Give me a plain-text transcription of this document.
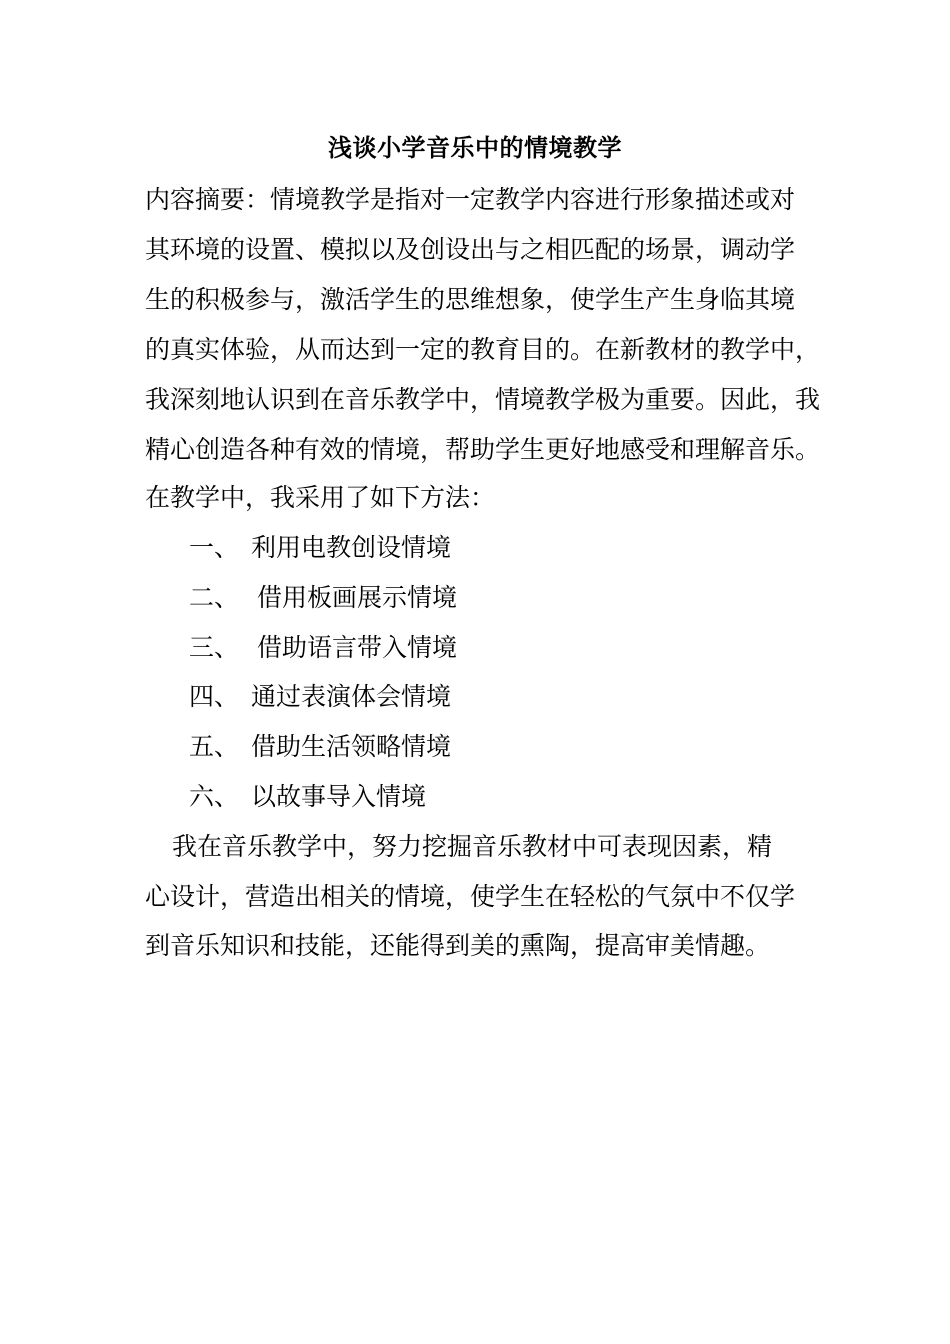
浅谈小学音乐中的情境教学
内容摘要：情境教学是指对一定教学内容进行形象描述或对
其环境的设置、模拟以及创设出与之相匹配的场景，调动学
生的积极参与，激活学生的思维想象，使学生产生身临其境
的真实体验，从而达到一定的教育目的。在新教材的教学中，
我深刻地认识到在音乐教学中，情境教学极为重要。因此，我
精心创造各种有效的情境，帮助学生更好地感受和理解音乐。
在教学中，我采用了如下方法：
一、 利用电教创设情境
二、 借用板画展示情境
三、 借助语言带入情境
四、 通过表演体会情境
五、 借助生活领略情境
六、 以故事导入情境
我在音乐教学中，努力挖掘音乐教材中可表现因素，精
心设计，营造出相关的情境，使学生在轻松的气氛中不仅学
到音乐知识和技能，还能得到美的熏陶，提高审美情趣。
